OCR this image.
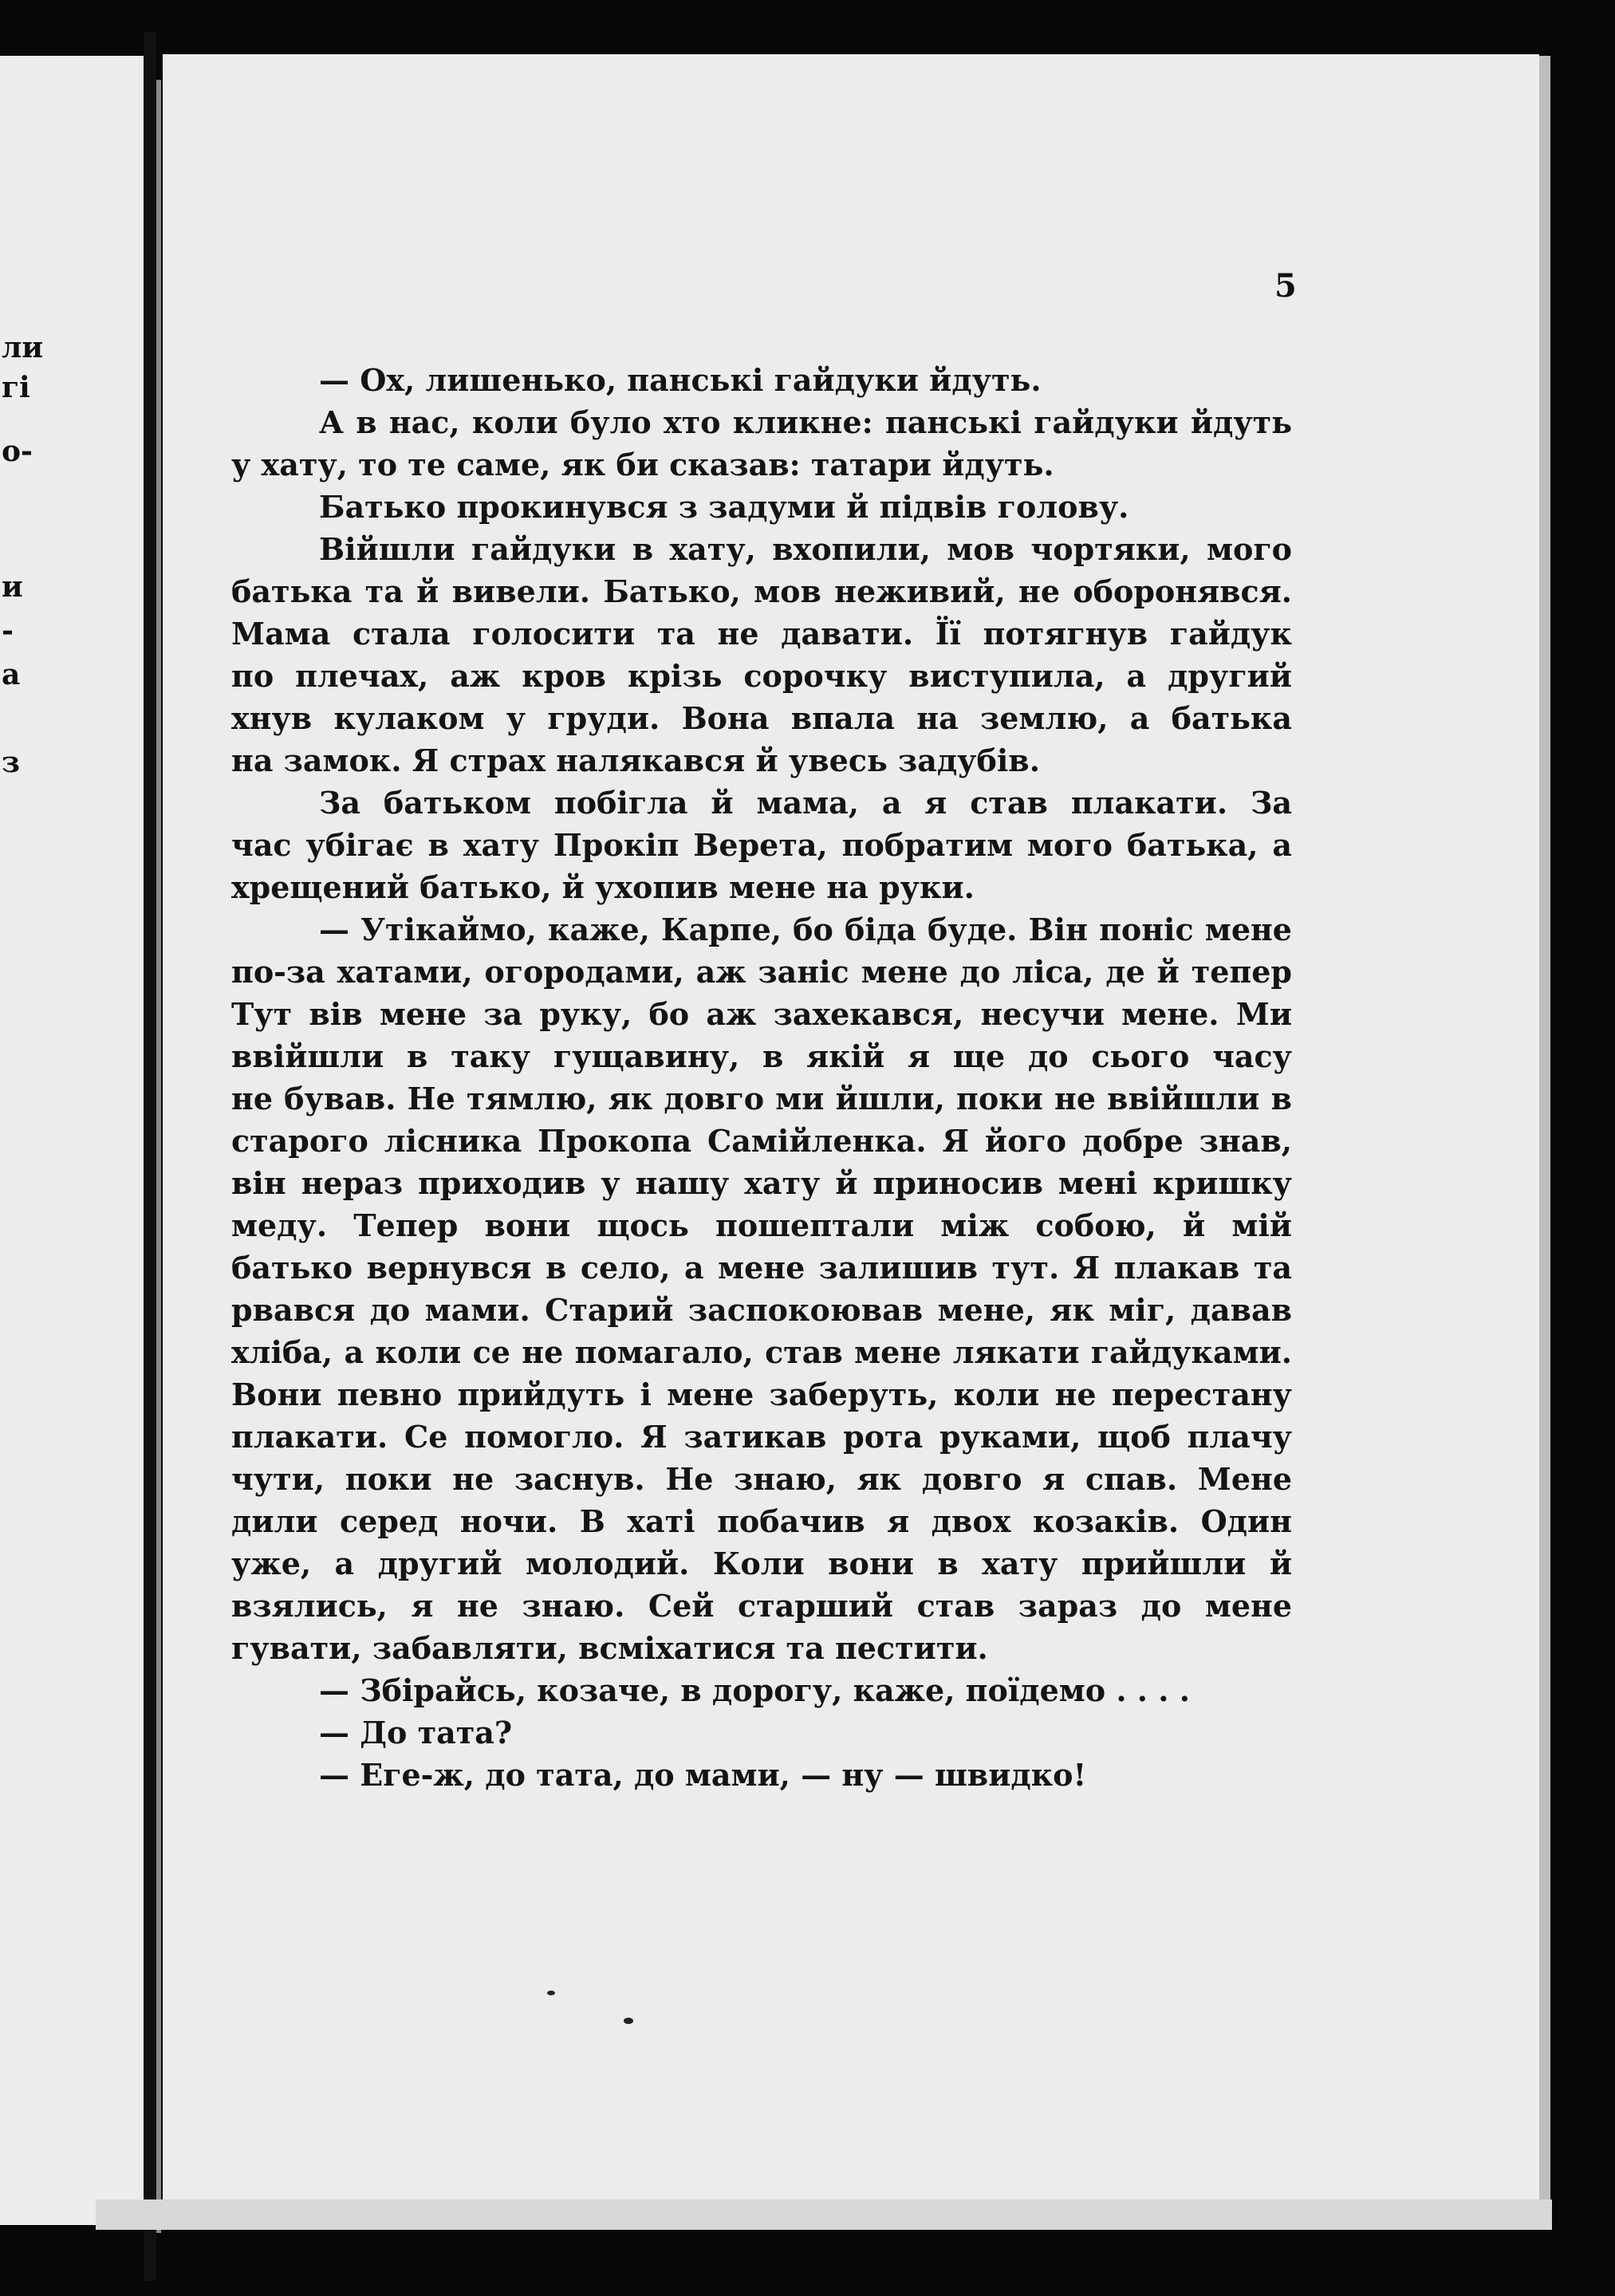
ли
гі
о-
и
-
а
з
5
— Ох, лишенько, панські гайдуки йдуть.
А в нас, коли було хто кликне: панські гайдуки йдуть
у хату, то те саме, як би сказав: татари йдуть.
Батько прокинувся з задуми й підвів голову.
Війшли гайдуки в хату, вхопили, мов чортяки, мого
батька та й вивели. Батько, мов неживий, не оборонявся.
Мама стала голосити та не давати. Її потягнув гайдук
по плечах, аж кров крізь сорочку виступила, а другий
хнув кулаком у груди. Вона впала на землю, а батька
на замок. Я страх налякався й увесь задубів.
За батьком побігла й мама, а я став плакати. За
час убігає в хату Прокіп Верета, побратим мого батька, а
хрещений батько, й ухопив мене на руки.
— Утікаймо, каже, Карпе, бо біда буде. Він поніс мене
по-за хатами, огородами, аж заніс мене до ліса, де й тепер
Тут вів мене за руку, бо аж захекався, несучи мене. Ми
ввійшли в таку гущавину, в якій я ще до сього часу
не бував. Не тямлю, як довго ми йшли, поки не ввійшли в
старого лісника Прокопа Самійленка. Я його добре знав,
він нераз приходив у нашу хату й приносив мені кришку
меду. Тепер вони щось пошептали між собою, й мій
батько вернувся в село, а мене залишив тут. Я плакав та
рвався до мами. Старий заспокоював мене, як міг, давав
хліба, а коли се не помагало, став мене лякати гайдуками.
Вони певно прийдуть і мене заберуть, коли не перестану
плакати. Се помогло. Я затикав рота руками, щоб плачу
чути, поки не заснув. Не знаю, як довго я спав. Мене
дили серед ночи. В хаті побачив я двох козаків. Один
уже, а другий молодий. Коли вони в хату прийшли й
взялись, я не знаю. Сей старший став зараз до мене
гувати, забавляти, всміхатися та пестити.
— Збірайсь, козаче, в дорогу, каже, поїдемо . . . .
— До тата?
— Еге-ж, до тата, до мами, — ну — швидко!
